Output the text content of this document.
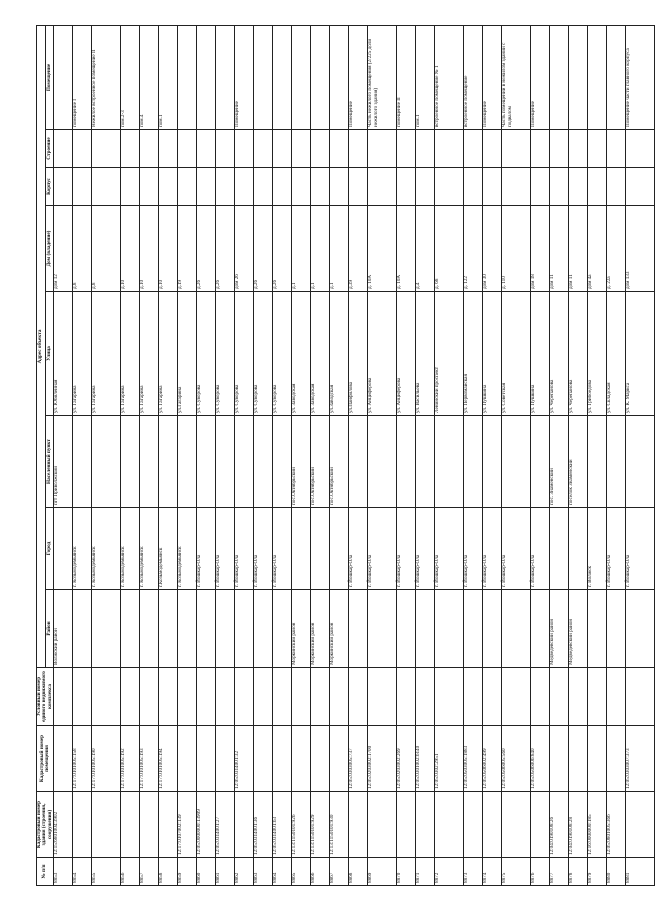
№ п/п	Кадастровый номер здания (строения, сооружения)	Кадастровый номер помещения	Условный номер единого недвижимого комплекса	Адрес объекта							
				Район	Город	Населенный пункт	Улица	Дом (владение)	Корпус	Строение	Помещение
8853	12:15:6801004:3902			Волжский район		пгт Приволжский	ул. Юбилейная	дом 12			
8854		12:17:0101005:158			г. Козьмодемьянск		ул. Гагарина	д.8			помещение I
8855		12:17:0101005:190			г. Козьмодемьянск		ул. Гагарина	д.8			Нежилое встроенное помещение II
8856		12:17:0101005:192			г. Козьмодемьянск		ул. Гагарина	д.10			пом.2-3
8857		12:17:0101005:193			г. Козьмодемьянск		ул. Гагарина	д.10			пом.4
8858		12:17:0101005:194			г.Козьмодемьянск		ул. Гагарина	д.10			пом.1
8859	12:17:0107002:139				г. Козьмодемьянск		ул.Гагарина	д.19			
8860	12:05:0000000:13909				г. Йошкар-Ола		ул. Суворова	д.26			
8861	12:05:0314001:27				г. Йошкар-Ола		ул. Суворова	д.26			
8862		12:05:0314001:32			г. Йошкар-Ола		ул. Суворова	дом 26			Помещение
8863	12:05:0314001:36				г. Йошкар-Ола		ул. Суворова	д.26			
8864	12:05:0314001:63				г. Йошкар-Ола		ул. Суворова	д.26			
8865	12:13:1150101:926			Моркинский район		пос.Октябрьский	ул. Заводская	д.1			
8866	12:13:1150101:929			Моркинский район		пос.Октябрьский	ул. Заводская	д.1			
8867	12:13:1150101:930			Моркинский район		пос.Октябрьский	ул.Заводская	д.1			
8868		12:05:0303005:737			г. Йошкар-Ола		ул.Панфилова	д.39			Помещение
8869		12:05:0203002:1700			г. Йошкар-Ола		ул. Анциферова	д. 10А			Часть нежилого помещения (2/225 доли нежилого здания)
8870		12:05:0203002:269			г. Йошкар-Ола		ул. Анциферова	д. 10А			помещение II
8871		12:05:0301002:6140			г. Йошкар-Ола		ул. Васильева	д.4			пом.1
8872		12:05:0302:2951			г. Йошкар-Ола		Ленинский проспект	д. 68			встроенное помещение № 1
8873		12:05:0503005:1883			г. Йошкар-Ола		ул. Первомайская	д. 122			встроенное помещение
8874		12:05:0506002:499			г. Йошкар-Ола		ул. Пушкина	дом 30			Помещение
8875		12:05:0506005:560			г. Йошкар-Ола		ул. Советская	д. 110			Часть помещений в нежилом здании с подвалом
8876		12:05:0506006:840			г. Йошкар-Ола		ул. Пушкина	дом 18			Помещение
8877	12:04:0190108:26			Медведевский район		пос. Знаменский	ул. Черепанова	дом 11			
8878	12:04:0190108:28			Медведевский район		поселок Знаменский	ул. Черепанова	дом 11			
8879	12:16:0000000:185				г. Волжск		ул. Грибоедова	дом 4а			
8880	12:05:0801005:366				г. Йошкар-Ола		ул. Складская	д. 22а			
8881		12:05:0303007:373			г. Йошкар-Ола		ул. К. Маркса	дом 133			Помещение части главного корпуса
